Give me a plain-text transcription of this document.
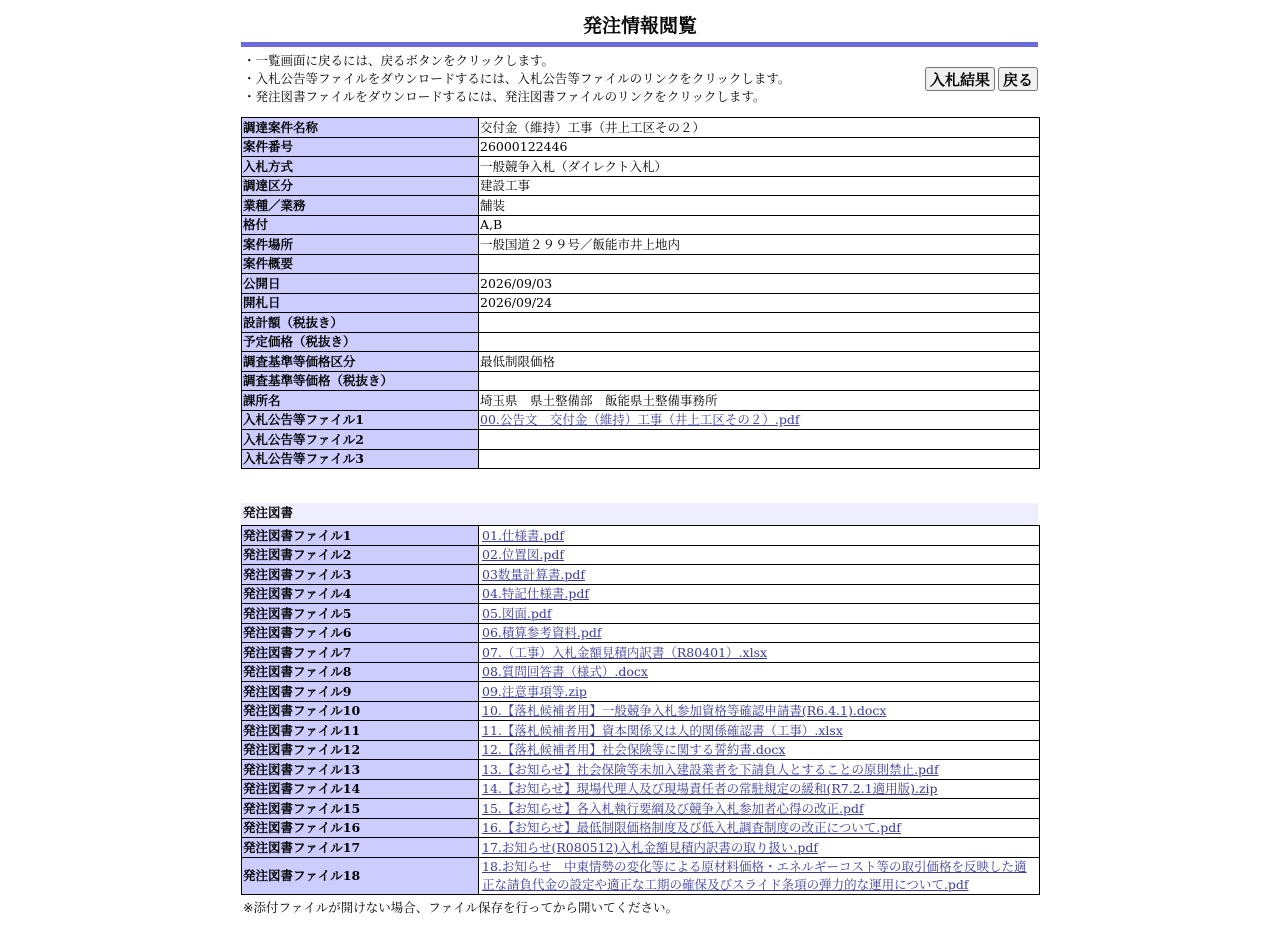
発注情報閲覧
・一覧画面に戻るには、戻るボタンをクリックします。
・入札公告等ファイルをダウンロードするには、入札公告等ファイルのリンクをクリックします。
・発注図書ファイルをダウンロードするには、発注図書ファイルのリンクをクリックします。
入札結果 戻る
調達案件名称	交付金（維持）工事（井上工区その２）
案件番号	26000122446
入札方式	一般競争入札（ダイレクト入札）
調達区分	建設工事
業種／業務	舗装
格付	A,B
案件場所	一般国道２９９号／飯能市井上地内
案件概要	
公開日	2026/09/03
開札日	2026/09/24
設計額（税抜き）	
予定価格（税抜き）	
調査基準等価格区分	最低制限価格
調査基準等価格（税抜き）	
課所名	埼玉県　県土整備部　飯能県土整備事務所
入札公告等ファイル1	00.公告文　交付金（維持）工事（井上工区その２）.pdf
入札公告等ファイル2	
入札公告等ファイル3	
発注図書
発注図書ファイル1	01.仕様書.pdf
発注図書ファイル2	02.位置図.pdf
発注図書ファイル3	03数量計算書.pdf
発注図書ファイル4	04.特記仕様書.pdf
発注図書ファイル5	05.図面.pdf
発注図書ファイル6	06.積算参考資料.pdf
発注図書ファイル7	07.（工事）入札金額見積内訳書（R80401）.xlsx
発注図書ファイル8	08.質問回答書（様式）.docx
発注図書ファイル9	09.注意事項等.zip
発注図書ファイル10	10.【落札候補者用】一般競争入札参加資格等確認申請書(R6.4.1).docx
発注図書ファイル11	11.【落札候補者用】資本関係又は人的関係確認書（工事）.xlsx
発注図書ファイル12	12.【落札候補者用】社会保険等に関する誓約書.docx
発注図書ファイル13	13.【お知らせ】社会保険等未加入建設業者を下請負人とすることの原則禁止.pdf
発注図書ファイル14	14.【お知らせ】現場代理人及び現場責任者の常駐規定の緩和(R7.2.1適用版).zip
発注図書ファイル15	15.【お知らせ】各入札執行要綱及び競争入札参加者心得の改正.pdf
発注図書ファイル16	16.【お知らせ】最低制限価格制度及び低入札調査制度の改正について.pdf
発注図書ファイル17	17.お知らせ(R080512)入札金額見積内訳書の取り扱い.pdf
発注図書ファイル18	18.お知らせ　中東情勢の変化等による原材料価格・エネルギーコスト等の取引価格を反映した適正な請負代金の設定や適正な工期の確保及びスライド条項の弾力的な運用について.pdf
※添付ファイルが開けない場合、ファイル保存を行ってから開いてください。
